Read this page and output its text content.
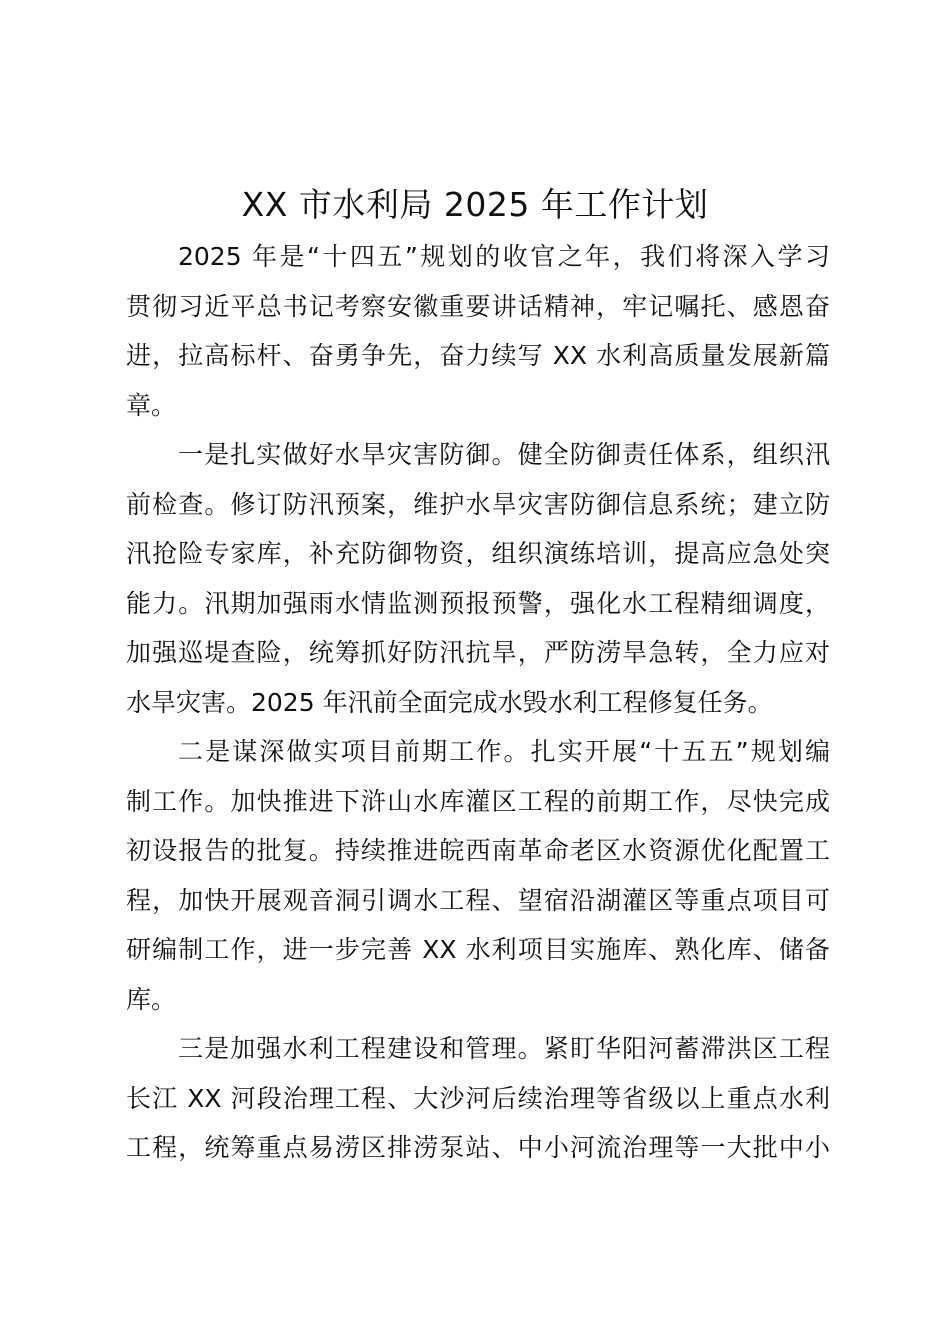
XX 市水利局 2025 年工作计划
2025 年是“十四五”规划的收官之年，我们将深入学习
贯彻习近平总书记考察安徽重要讲话精神，牢记嘱托、感恩奋
进，拉高标杆、奋勇争先，奋力续写 XX 水利高质量发展新篇
章。
一是扎实做好水旱灾害防御。健全防御责任体系，组织汛
前检查。修订防汛预案，维护水旱灾害防御信息系统；建立防
汛抢险专家库，补充防御物资，组织演练培训，提高应急处突
能力。汛期加强雨水情监测预报预警，强化水工程精细调度，
加强巡堤查险，统筹抓好防汛抗旱，严防涝旱急转，全力应对
水旱灾害。2025 年汛前全面完成水毁水利工程修复任务。
二是谋深做实项目前期工作。扎实开展“十五五”规划编
制工作。加快推进下浒山水库灌区工程的前期工作，尽快完成
初设报告的批复。持续推进皖西南革命老区水资源优化配置工
程，加快开展观音洞引调水工程、望宿沿湖灌区等重点项目可
研编制工作，进一步完善 XX 水利项目实施库、熟化库、储备
库。
三是加强水利工程建设和管理。紧盯华阳河蓄滞洪区工程
长江 XX 河段治理工程、大沙河后续治理等省级以上重点水利
工程，统筹重点易涝区排涝泵站、中小河流治理等一大批中小
